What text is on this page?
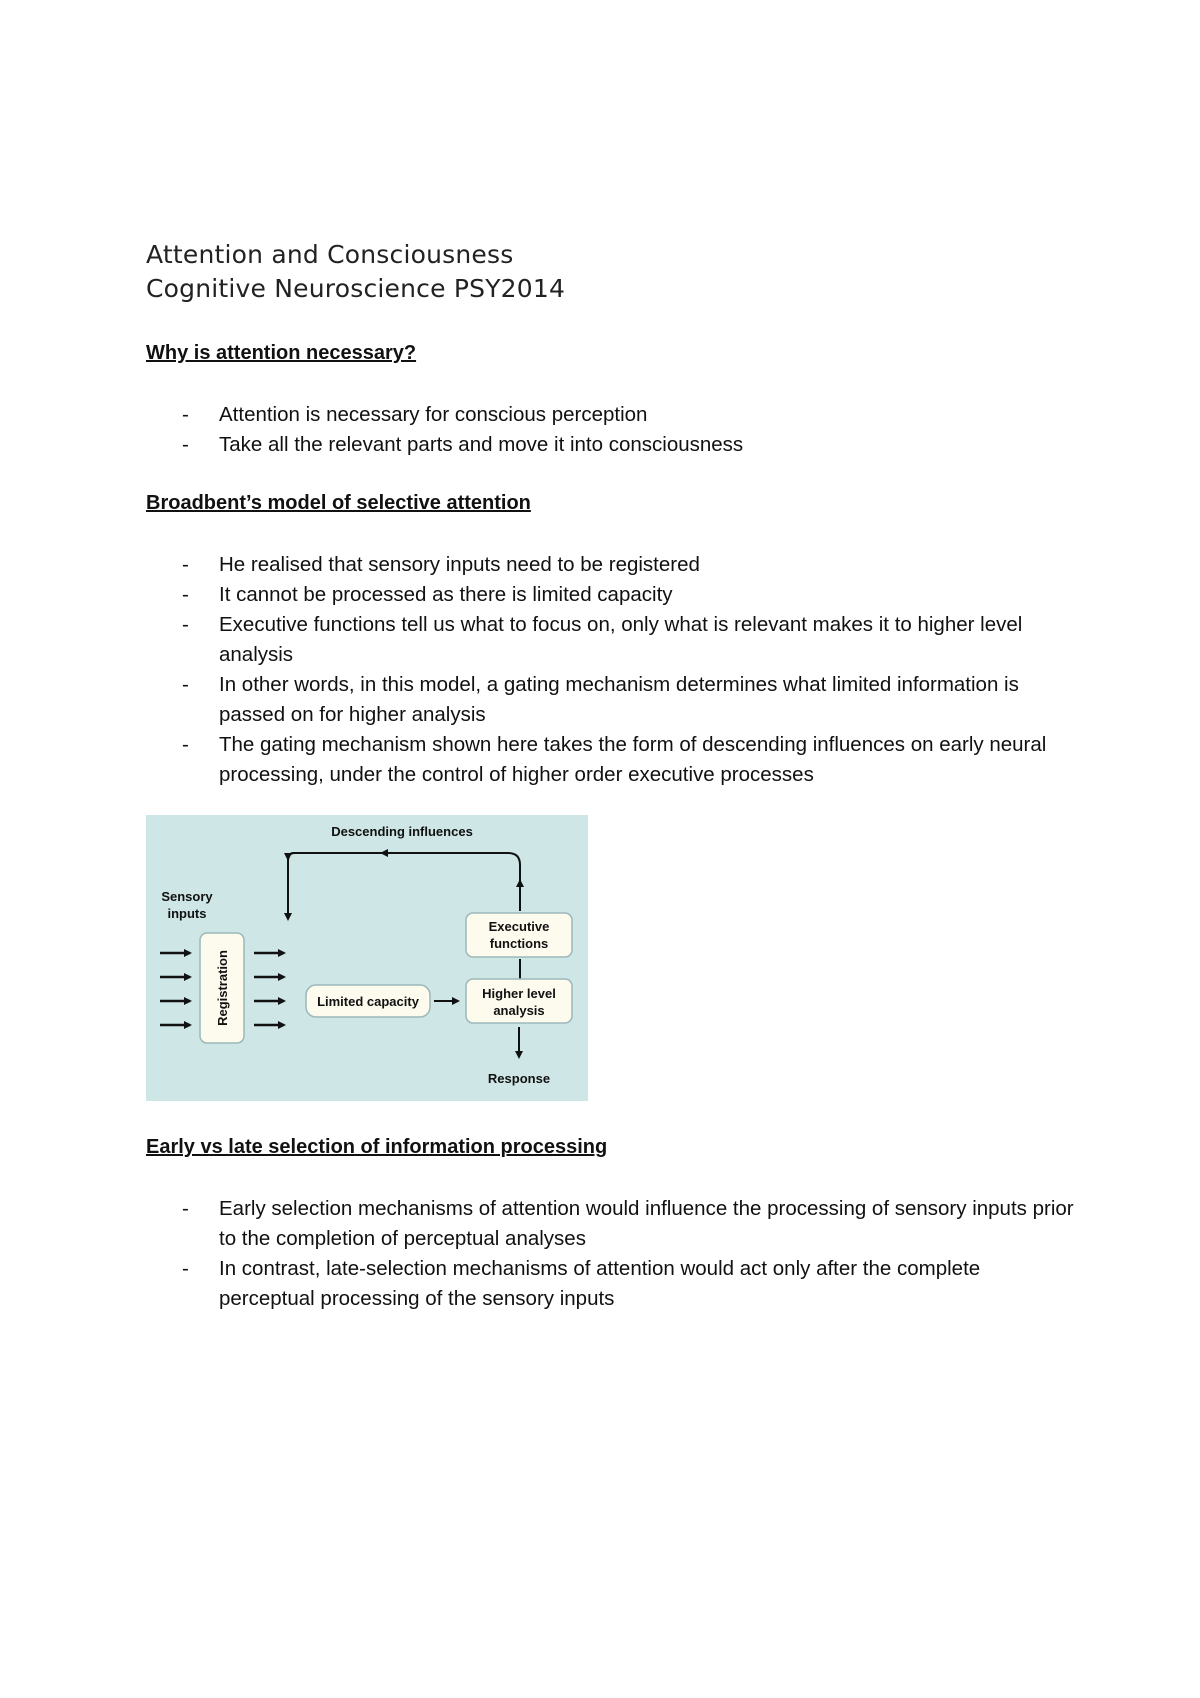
Attention and Consciousness
Cognitive Neuroscience PSY2014
Why is attention necessary?
- Attention is necessary for conscious perception
- Take all the relevant parts and move it into consciousness
Broadbent’s model of selective attention
- He realised that sensory inputs need to be registered
- It cannot be processed as there is limited capacity
- Executive functions tell us what to focus on, only what is relevant makes it to higher level analysis
- In other words, in this model, a gating mechanism determines what limited information is passed on for higher analysis
- The gating mechanism shown here takes the form of descending influences on early neural processing, under the control of higher order executive processes
Descending influences
Sensory
inputs
Registration	Limited capacity
Executive
functions
Higher level
analysis
Response
Early vs late selection of information processing
- Early selection mechanisms of attention would influence the processing of sensory inputs prior to the completion of perceptual analyses
- In contrast, late-selection mechanisms of attention would act only after the complete perceptual processing of the sensory inputs
